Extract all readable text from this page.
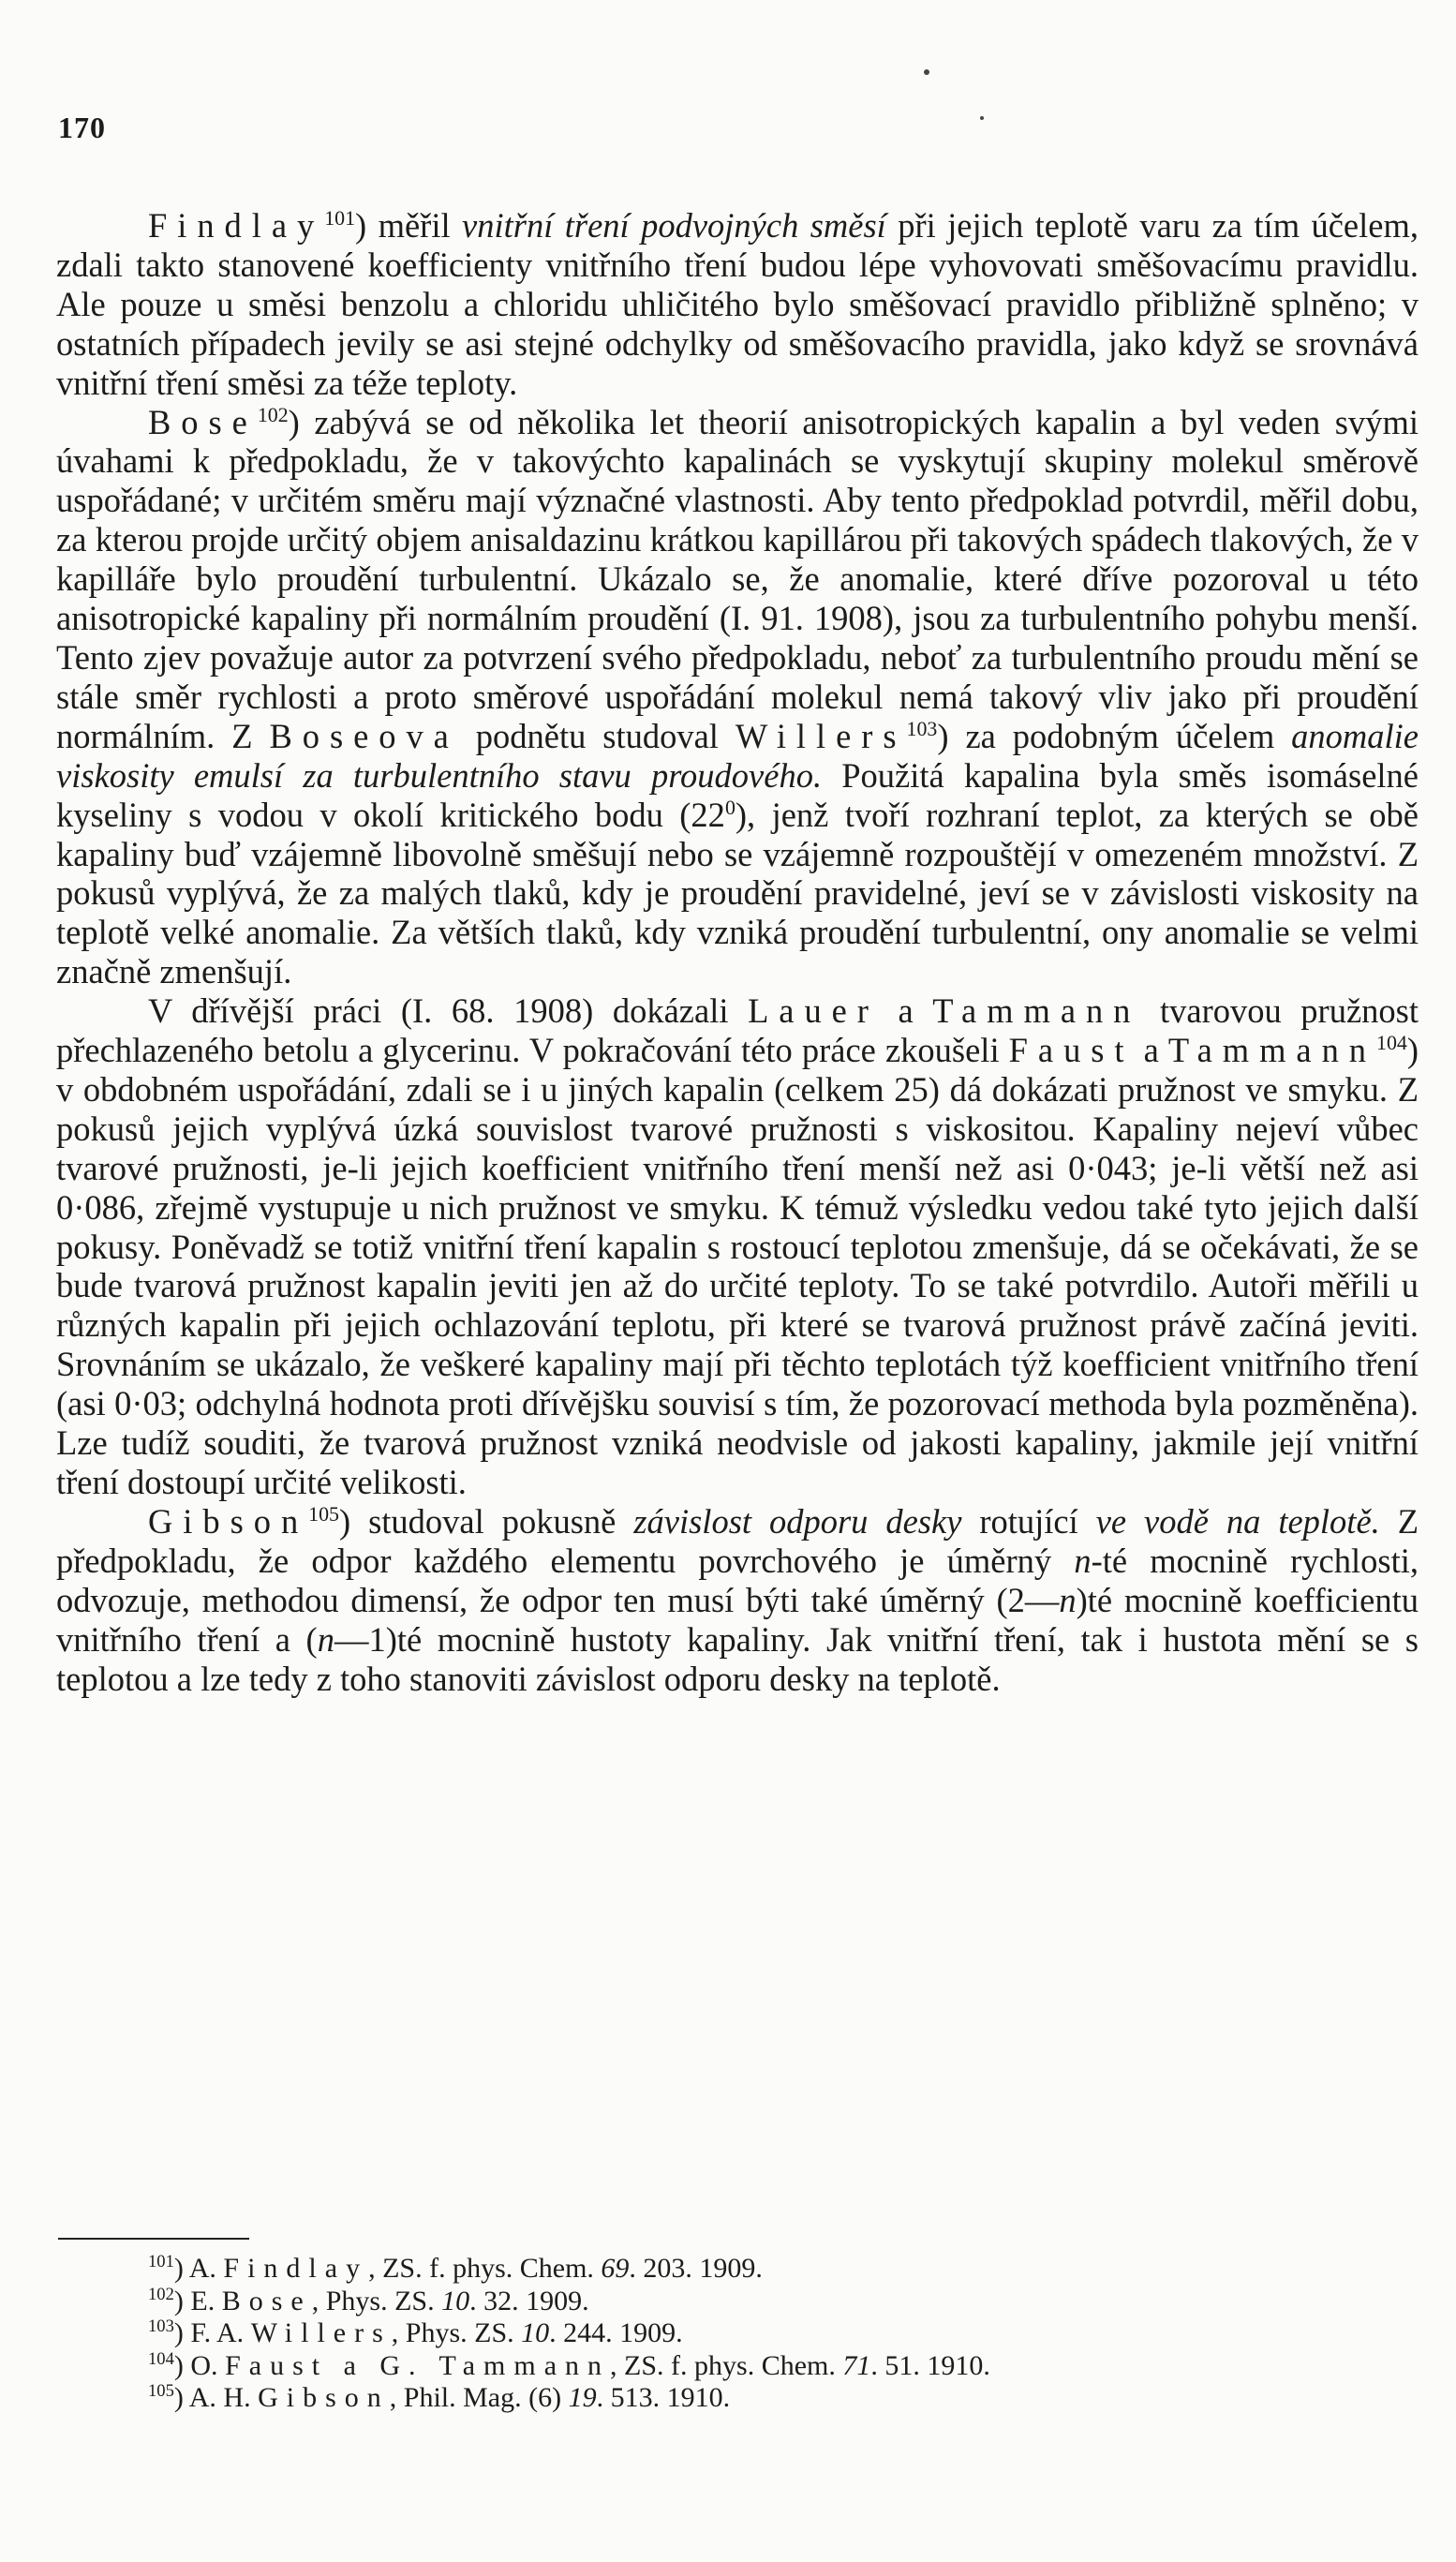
170

Findlay$^{101}$) měřil vnitřní tření podvojných směsí při jejich teplotě varu za tím účelem, zdali takto stanovené koefficienty vnitřního tření budou lépe vyhovovati směšovacímu pravidlu. Ale pouze u směsi benzolu a chloridu uhličitého bylo směšovací pravidlo přibližně splněno; v ostatních případech jevily se asi stejné odchylky od směšovacího pravidla, jako když se srovnává vnitřní tření směsi za téže teploty.

Bose$^{102}$) zabývá se od několika let theorií anisotropických kapalin a byl veden svými úvahami k předpokladu, že v takovýchto kapalinách se vyskytují skupiny molekul směrově uspořádané; v určitém směru mají význačné vlastnosti. Aby tento předpoklad potvrdil, měřil dobu, za kterou projde určitý objem anisaldazinu krátkou kapillárou při takových spádech tlakových, že v kapilláře bylo proudění turbulentní. Ukázalo se, že anomalie, které dříve pozoroval u této anisotropické kapaliny při normálním proudění (I. 91. 1908), jsou za turbulentního pohybu menší. Tento zjev považuje autor za potvrzení svého předpokladu, neboť za turbulentního proudu mění se stále směr rychlosti a proto směrové uspořádání molekul nemá takový vliv jako při proudění normálním. Z Boseova podnětu studoval Willers$^{103}$) za podobným účelem anomalie viskosity emulsí za turbulentního stavu proudového. Použitá kapalina byla směs isomáselné kyseliny s vodou v okolí kritického bodu $(22^0)$, jenž tvoří rozhraní teplot, za kterých se obě kapaliny buď vzájemně libovolně směšují nebo se vzájemně rozpouštějí v omezeném množství. Z pokusů vyplývá, že za malých tlaků, kdy je proudění pravidelné, jeví se v závislosti viskosity na teplotě velké anomalie. Za větších tlaků, kdy vzniká proudění turbulentní, ony anomalie se velmi značně zmenšují.

V dřívější práci (I. 68. 1908) dokázali Lauer a Tammann tvarovou pružnost přechlazeného betolu a glycerinu. V pokračování této práce zkoušeli Faust a Tammann$^{104}$) v obdobném uspořádání, zdali se i u jiných kapalin (celkem 25) dá dokázati pružnost ve smyku. Z pokusů jejich vyplývá úzká souvislost tvarové pružnosti s viskositou. Kapaliny nejeví vůbec tvarové pružnosti, je-li jejich koefficient vnitřního tření menší než asi 0·043; je-li větší než asi 0·086, zřejmě vystupuje u nich pružnost ve smyku. K témuž výsledku vedou také tyto jejich další pokusy. Poněvadž se totiž vnitřní tření kapalin s rostoucí teplotou zmenšuje, dá se očekávati, že se bude tvarová pružnost kapalin jeviti jen až do určité teploty. To se také potvrdilo. Autoři měřili u různých kapalin při jejich ochlazování teplotu, při které se tvarová pružnost právě začíná jeviti. Srovnáním se ukázalo, že veškeré kapaliny mají při těchto teplotách týž koefficient vnitřního tření (asi 0·03; odchylná hodnota proti dřívějšku souvisí s tím, že pozorovací methoda byla pozměněna). Lze tudíž souditi, že tvarová pružnost vzniká neodvisle od jakosti kapaliny, jakmile její vnitřní tření dostoupí určité velikosti.

Gibson$^{105}$) studoval pokusně závislost odporu desky rotující ve vodě na teplotě. Z předpokladu, že odpor každého elementu povrchového je úměrný n-té mocnině rychlosti, odvozuje, methodou dimensí, že odpor ten musí býti také úměrný (2—n)té mocnině koefficientu vnitřního tření a (n—1)té mocnině hustoty kapaliny. Jak vnitřní tření, tak i hustota mění se s teplotou a lze tedy z toho stanoviti závislost odporu desky na teplotě.

$^{101}$) A. Findlay, ZS. f. phys. Chem. 69. 203. 1909.
$^{102}$) E. Bose, Phys. ZS. 10. 32. 1909.
$^{103}$) F. A. Willers, Phys. ZS. 10. 244. 1909.
$^{104}$) O. Faust a G. Tammann, ZS. f. phys. Chem. 71. 51. 1910.
$^{105}$) A. H. Gibson, Phil. Mag. (6) 19. 513. 1910.
